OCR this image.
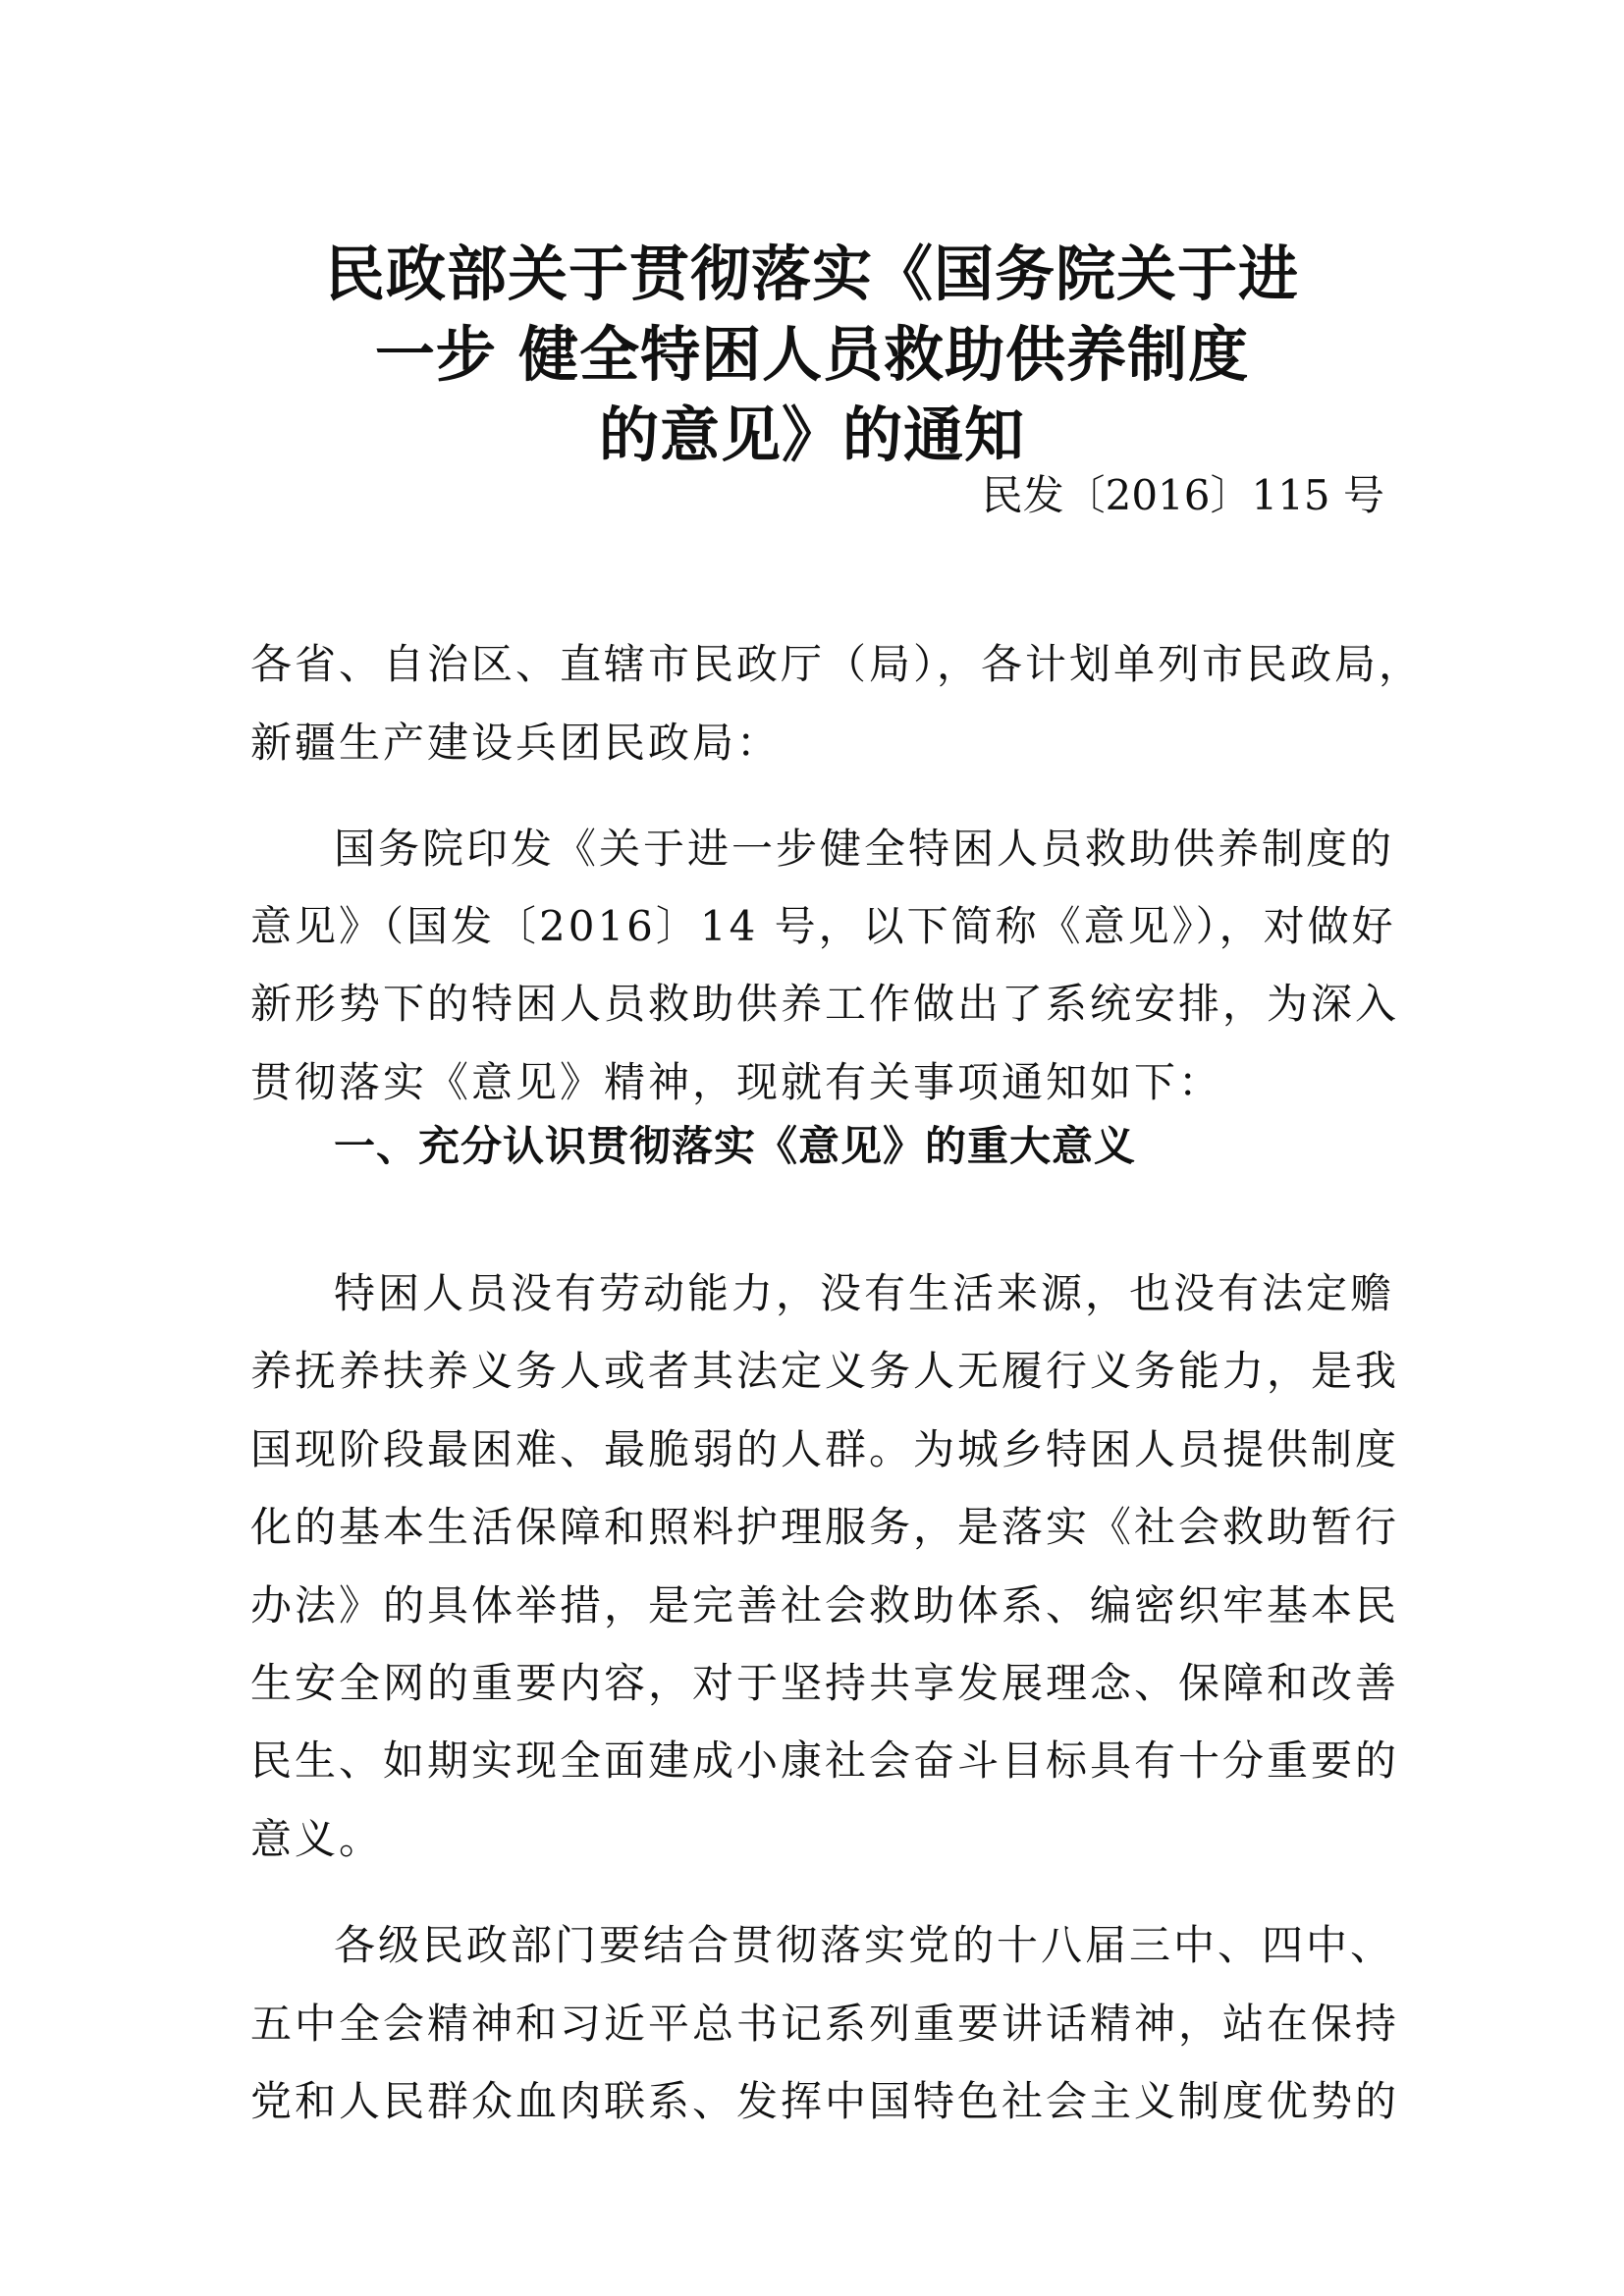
民政部关于贯彻落实《国务院关于进
一步 健全特困人员救助供养制度
的意见》的通知
民发〔2016〕115 号

各省、自治区、直辖市民政厅（局），各计划单列市民政局，

新疆生产建设兵团民政局：

国务院印发《关于进一步健全特困人员救助供养制度的

意见》（国发〔2016〕14 号，以下简称《意见》），对做好

新形势下的特困人员救助供养工作做出了系统安排，为深入

贯彻落实《意见》精神，现就有关事项通知如下：

一、充分认识贯彻落实《意见》的重大意义

特困人员没有劳动能力，没有生活来源，也没有法定赡

养抚养扶养义务人或者其法定义务人无履行义务能力，是我

国现阶段最困难、最脆弱的人群。为城乡特困人员提供制度

化的基本生活保障和照料护理服务，是落实《社会救助暂行

办法》的具体举措，是完善社会救助体系、编密织牢基本民

生安全网的重要内容，对于坚持共享发展理念、保障和改善

民生、如期实现全面建成小康社会奋斗目标具有十分重要的

意义。

各级民政部门要结合贯彻落实党的十八届三中、四中、

五中全会精神和习近平总书记系列重要讲话精神，站在保持

党和人民群众血肉联系、发挥中国特色社会主义制度优势的
